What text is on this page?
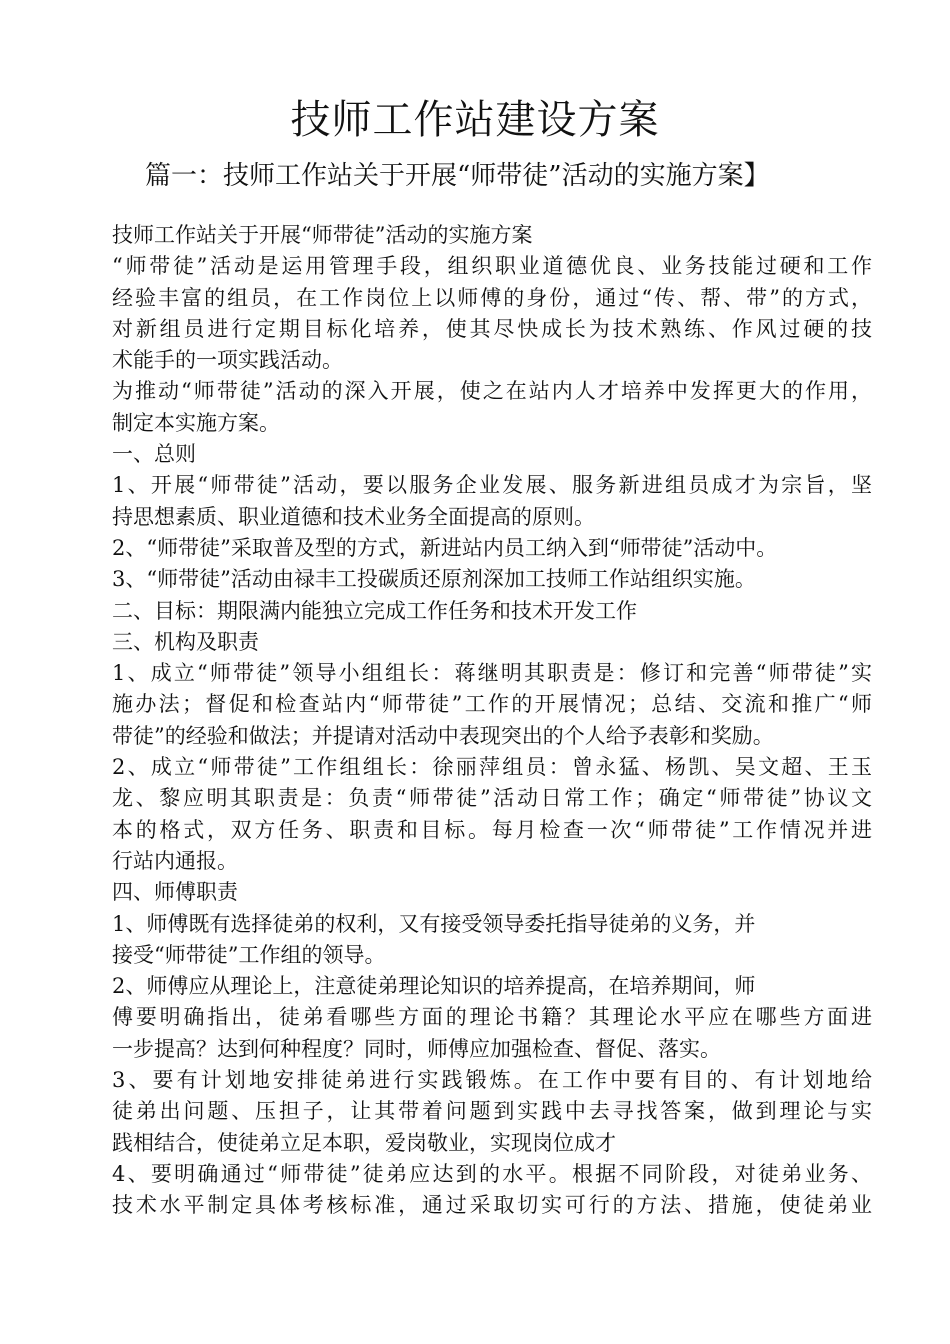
技师工作站建设方案
篇一：技师工作站关于开展“师带徒”活动的实施方案】
技师工作站关于开展“师带徒”活动的实施方案
“师带徒”活动是运用管理手段，组织职业道德优良、业务技能过硬和工作
经验丰富的组员，在工作岗位上以师傅的身份，通过“传、帮、带”的方式，
对新组员进行定期目标化培养，使其尽快成长为技术熟练、作风过硬的技
术能手的一项实践活动。
为推动“师带徒”活动的深入开展，使之在站内人才培养中发挥更大的作用，
制定本实施方案。
一、总则
1、开展“师带徒”活动，要以服务企业发展、服务新进组员成才为宗旨，坚
持思想素质、职业道德和技术业务全面提高的原则。
2、“师带徒”采取普及型的方式，新进站内员工纳入到“师带徒”活动中。
3、“师带徒”活动由禄丰工投碳质还原剂深加工技师工作站组织实施。
二、目标：期限满内能独立完成工作任务和技术开发工作
三、机构及职责
1、成立“师带徒”领导小组组长：蒋继明其职责是：修订和完善“师带徒”实
施办法；督促和检查站内“师带徒”工作的开展情况；总结、交流和推广“师
带徒”的经验和做法；并提请对活动中表现突出的个人给予表彰和奖励。
2、成立“师带徒”工作组组长：徐丽萍组员：曾永猛、杨凯、吴文超、王玉
龙、黎应明其职责是：负责“师带徒”活动日常工作；确定“师带徒”协议文
本的格式，双方任务、职责和目标。每月检查一次“师带徒”工作情况并进
行站内通报。
四、师傅职责
1、师傅既有选择徒弟的权利，又有接受领导委托指导徒弟的义务，并
接受“师带徒”工作组的领导。
2、师傅应从理论上，注意徒弟理论知识的培养提高，在培养期间，师
傅要明确指出，徒弟看哪些方面的理论书籍？其理论水平应在哪些方面进
一步提高？达到何种程度？同时，师傅应加强检查、督促、落实。
3、要有计划地安排徒弟进行实践锻炼。在工作中要有目的、有计划地给
徒弟出问题、压担子，让其带着问题到实践中去寻找答案，做到理论与实
践相结合，使徒弟立足本职，爱岗敬业，实现岗位成才
4、要明确通过“师带徒”徒弟应达到的水平。根据不同阶段，对徒弟业务、
技术水平制定具体考核标准，通过采取切实可行的方法、措施，使徒弟业
